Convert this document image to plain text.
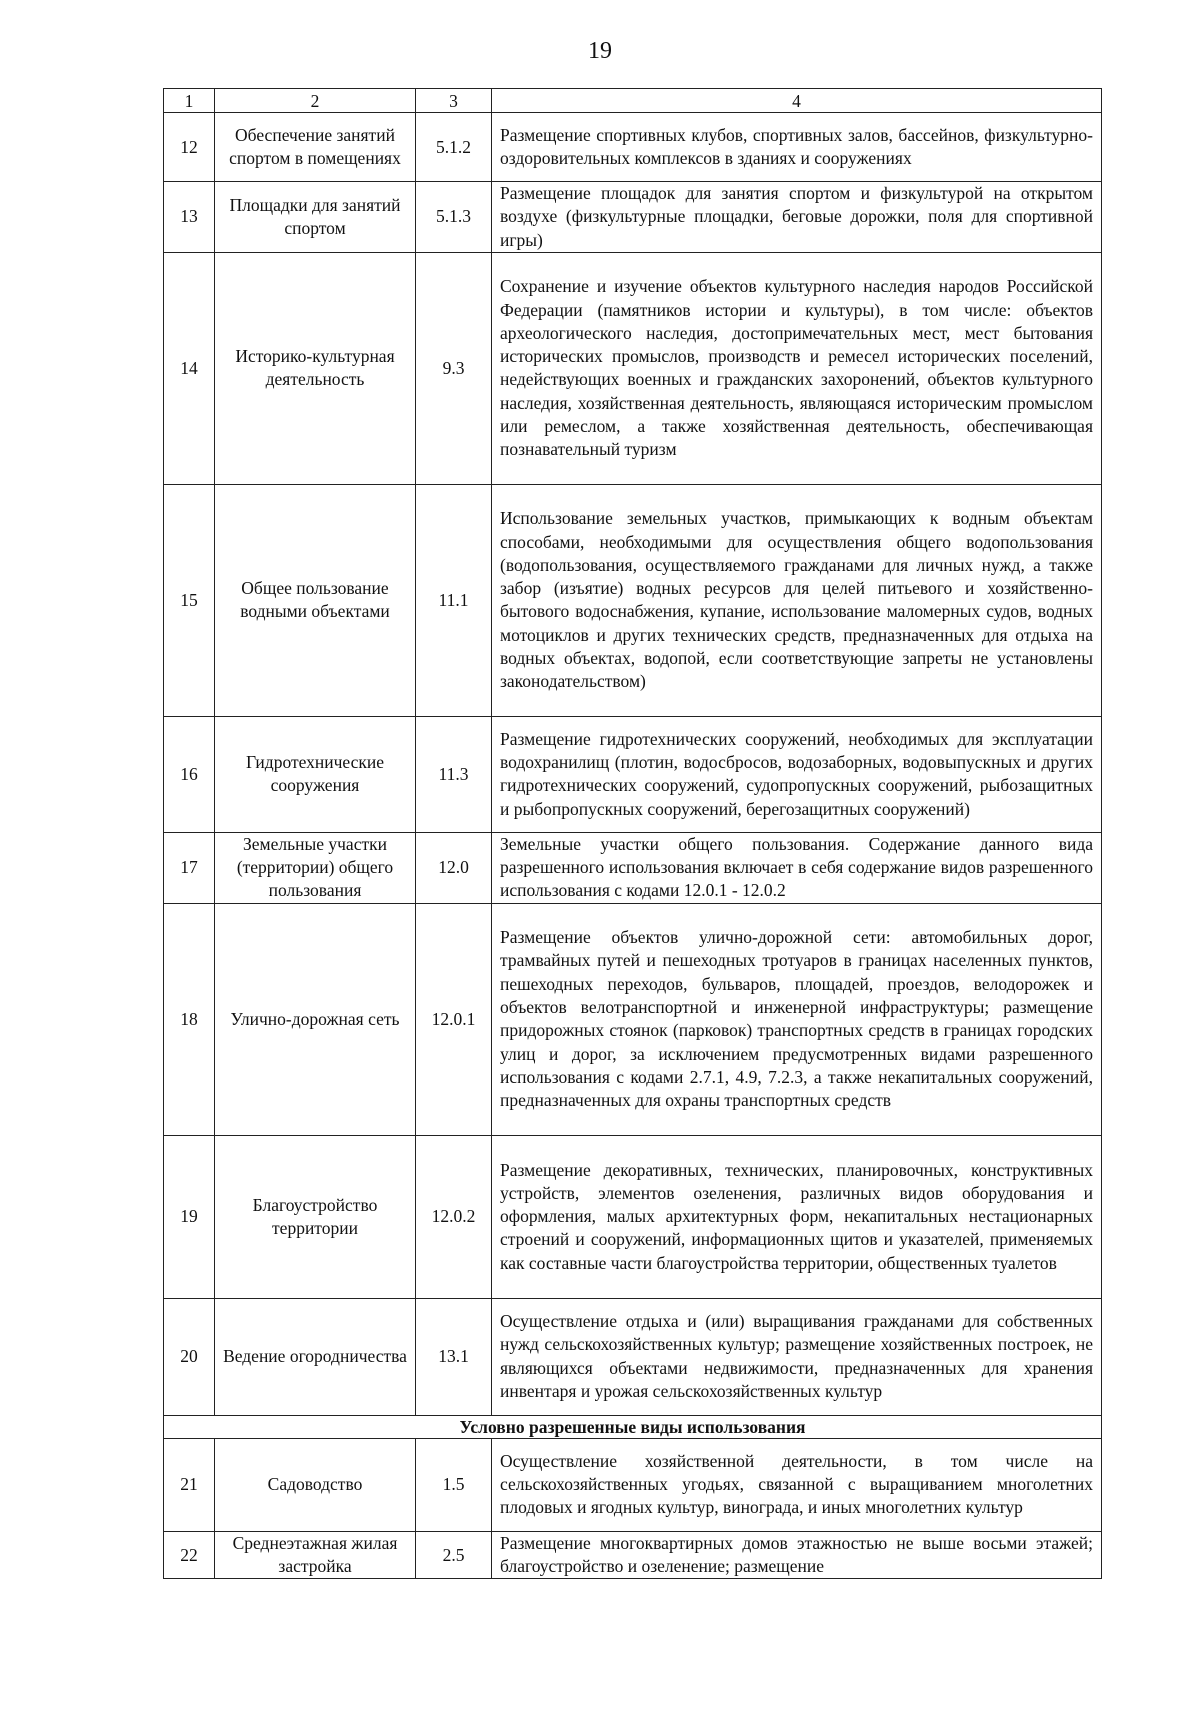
19
1	2	3	4
12	Обеспечение занятий спортом в помещениях	5.1.2	Размещение спортивных клубов, спортивных залов, бассейнов, физкультурно-оздоровительных комплексов в зданиях и сооружениях
13	Площадки для занятий спортом	5.1.3	Размещение площадок для занятия спортом и физкультурой на открытом воздухе (физкультурные площадки, беговые дорожки, поля для спортивной игры)
14	Историко-культурная деятельность	9.3	Сохранение и изучение объектов культурного наследия народов Российской Федерации (памятников истории и культуры), в том числе: объектов археологического наследия, достопримечательных мест, мест бытования исторических промыслов, производств и ремесел исторических поселений, недействующих военных и гражданских захоронений, объектов культурного наследия, хозяйственная деятельность, являющаяся историческим промыслом или ремеслом, а также хозяйственная деятельность, обеспечивающая познавательный туризм
15	Общее пользование водными объектами	11.1	Использование земельных участков, примыкающих к водным объектам способами, необходимыми для осуществления общего водопользования (водопользования, осуществляемого гражданами для личных нужд, а также забор (изъятие) водных ресурсов для целей питьевого и хозяйственно-бытового водоснабжения, купание, использование маломерных судов, водных мотоциклов и других технических средств, предназначенных для отдыха на водных объектах, водопой, если соответствующие запреты не установлены законодательством)
16	Гидротехнические сооружения	11.3	Размещение гидротехнических сооружений, необходимых для эксплуатации водохранилищ (плотин, водосбросов, водозаборных, водовыпускных и других гидротехнических сооружений, судопропускных сооружений, рыбозащитных и рыбопропускных сооружений, берегозащитных сооружений)
17	Земельные участки (территории) общего пользования	12.0	Земельные участки общего пользования. Содержание данного вида разрешенного использования включает в себя содержание видов разрешенного использования с кодами 12.0.1 - 12.0.2
18	Улично-дорожная сеть	12.0.1	Размещение объектов улично-дорожной сети: автомобильных дорог, трамвайных путей и пешеходных тротуаров в границах населенных пунктов, пешеходных переходов, бульваров, площадей, проездов, велодорожек и объектов велотранспортной и инженерной инфраструктуры; размещение придорожных стоянок (парковок) транспортных средств в границах городских улиц и дорог, за исключением предусмотренных видами разрешенного использования с кодами 2.7.1, 4.9, 7.2.3, а также некапитальных сооружений, предназначенных для охраны транспортных средств
19	Благоустройство территории	12.0.2	Размещение декоративных, технических, планировочных, конструктивных устройств, элементов озеленения, различных видов оборудования и оформления, малых архитектурных форм, некапитальных нестационарных строений и сооружений, информационных щитов и указателей, применяемых как составные части благоустройства территории, общественных туалетов
20	Ведение огородничества	13.1	Осуществление отдыха и (или) выращивания гражданами для собственных нужд сельскохозяйственных культур; размещение хозяйственных построек, не являющихся объектами недвижимости, предназначенных для хранения инвентаря и урожая сельскохозяйственных культур
Условно разрешенные виды использования			
21	Садоводство	1.5	Осуществление хозяйственной деятельности, в том числе на сельскохозяйственных угодьях, связанной с выращиванием многолетних плодовых и ягодных культур, винограда, и иных многолетних культур
22	Среднеэтажная жилая застройка	2.5	Размещение многоквартирных домов этажностью не выше восьми этажей; благоустройство и озеленение; размещение
